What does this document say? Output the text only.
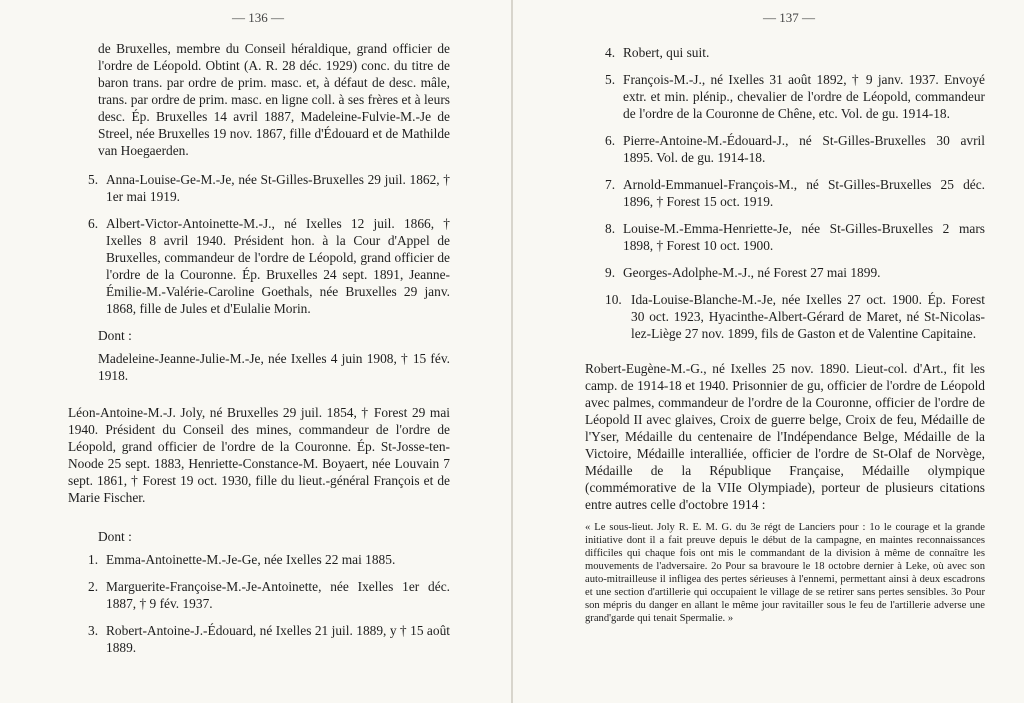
— 136 —

de Bruxelles, membre du Conseil héraldique, grand officier de l'ordre de Léopold. Obtint (A. R. 28 déc. 1929) conc. du titre de baron trans. par ordre de prim. masc. et, à défaut de desc. mâle, trans. par ordre de prim. masc. en ligne coll. à ses frères et à leurs desc. Ép. Bruxelles 14 avril 1887, Madeleine-Fulvie-M.-Je de Streel, née Bruxelles 19 nov. 1867, fille d'Édouard et de Mathilde van Hoegaerden.

5. Anna-Louise-Ge-M.-Je, née St-Gilles-Bruxelles 29 juil. 1862, † 1er mai 1919.
6. Albert-Victor-Antoinette-M.-J., né Ixelles 12 juil. 1866, † Ixelles 8 avril 1940. Président hon. à la Cour d'Appel de Bruxelles, commandeur de l'ordre de Léopold, grand officier de l'ordre de la Couronne. Ép. Bruxelles 24 sept. 1891, Jeanne-Émilie-M.-Valérie-Caroline Goethals, née Bruxelles 29 janv. 1868, fille de Jules et d'Eulalie Morin.
Dont :

Madeleine-Jeanne-Julie-M.-Je, née Ixelles 4 juin 1908, † 15 fév. 1918.

Léon-Antoine-M.-J. Joly, né Bruxelles 29 juil. 1854, † Forest 29 mai 1940. Président du Conseil des mines, commandeur de l'ordre de Léopold, grand officier de l'ordre de la Couronne. Ép. St-Josse-ten-Noode 25 sept. 1883, Henriette-Constance-M. Boyaert, née Louvain 7 sept. 1861, † Forest 19 oct. 1930, fille du lieut.-général François et de Marie Fischer.

Dont :
1. Emma-Antoinette-M.-Je-Ge, née Ixelles 22 mai 1885.
2. Marguerite-Françoise-M.-Je-Antoinette, née Ixelles 1er déc. 1887, † 9 fév. 1937.
3. Robert-Antoine-J.-Édouard, né Ixelles 21 juil. 1889, y † 15 août 1889.
— 137 —
4. Robert, qui suit.
5. François-M.-J., né Ixelles 31 août 1892, † 9 janv. 1937. Envoyé extr. et min. plénip., chevalier de l'ordre de Léopold, commandeur de l'ordre de la Couronne de Chêne, etc. Vol. de gu. 1914-18.
6. Pierre-Antoine-M.-Édouard-J., né St-Gilles-Bruxelles 30 avril 1895. Vol. de gu. 1914-18.
7. Arnold-Emmanuel-François-M., né St-Gilles-Bruxelles 25 déc. 1896, † Forest 15 oct. 1919.
8. Louise-M.-Emma-Henriette-Je, née St-Gilles-Bruxelles 2 mars 1898, † Forest 10 oct. 1900.
9. Georges-Adolphe-M.-J., né Forest 27 mai 1899.
10. Ida-Louise-Blanche-M.-Je, née Ixelles 27 oct. 1900. Ép. Forest 30 oct. 1923, Hyacinthe-Albert-Gérard de Maret, né St-Nicolas-lez-Liège 27 nov. 1899, fils de Gaston et de Valentine Capitaine.

Robert-Eugène-M.-G., né Ixelles 25 nov. 1890. Lieut-col. d'Art., fit les camp. de 1914-18 et 1940. Prisonnier de gu, officier de l'ordre de Léopold avec palmes, commandeur de l'ordre de la Couronne, officier de l'ordre de Léopold II avec glaives, Croix de guerre belge, Croix de feu, Médaille de l'Yser, Médaille du centenaire de l'Indépendance Belge, Médaille de la Victoire, Médaille interalliée, officier de l'ordre de St-Olaf de Norvège, Médaille de la République Française, Médaille olympique (commémorative de la VIIe Olympiade), porteur de plusieurs citations entre autres celle d'octobre 1914 :

« Le sous-lieut. Joly R. E. M. G. du 3e régt de Lanciers pour : 1o le courage et la grande initiative dont il a fait preuve depuis le début de la campagne, en maintes reconnaissances difficiles qui chaque fois ont mis le commandant de la division à même de connaître les mouvements de l'adversaire. 2o Pour sa bravoure le 18 octobre dernier à Leke, où avec son auto-mitrailleuse il infligea des pertes sérieuses à l'ennemi, permettant ainsi à deux escadrons et une section d'artillerie qui occupaient le village de se retirer sans pertes sensibles. 3o Pour son mépris du danger en allant le même jour ravitailler sous le feu de l'artillerie adverse une grand'garde qui tenait Spermalie. »
